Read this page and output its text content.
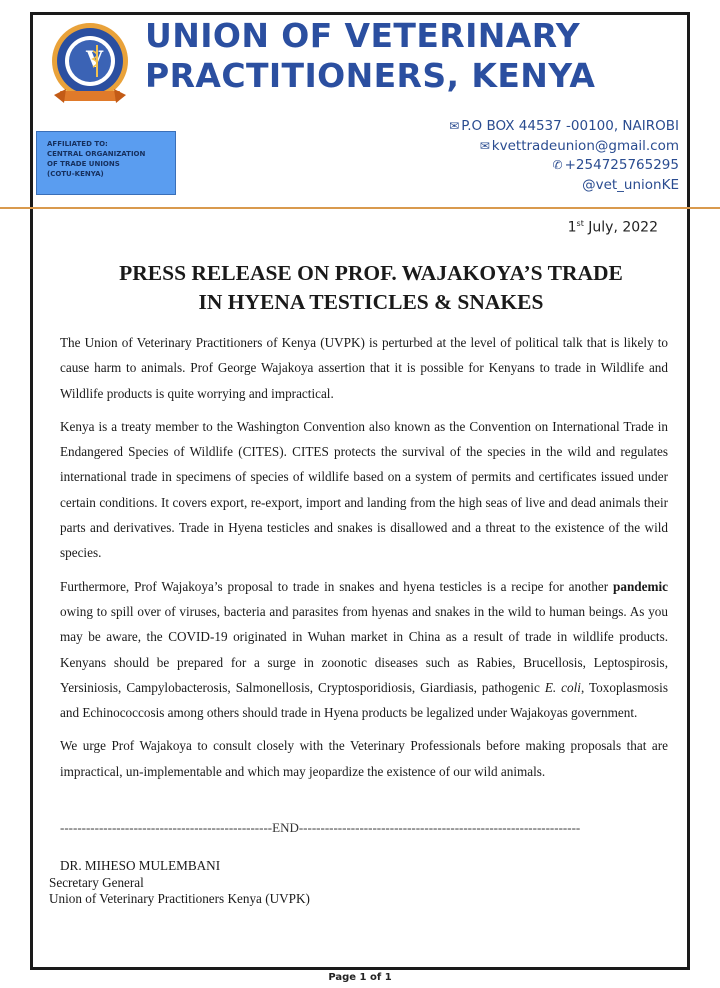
V
UNION OF VETERINARY
PRACTITIONERS, KENYA
AFFILIATED TO:
CENTRAL ORGANIZATION
OF TRADE UNIONS
(COTU-KENYA)
✉ P.O BOX 44537 -00100, NAIROBI
✉ kvettradeunion@gmail.com
✆ +254725765295
@vet_unionKE
1st July, 2022
PRESS RELEASE ON PROF. WAJAKOYA’S TRADE
IN HYENA TESTICLES & SNAKES

The Union of Veterinary Practitioners of Kenya (UVPK) is perturbed at the level of political talk that is likely to cause harm to animals. Prof George Wajakoya assertion that it is possible for Kenyans to trade in Wildlife and Wildlife products is quite worrying and impractical.

Kenya is a treaty member to the Washington Convention also known as the Convention on International Trade in Endangered Species of Wildlife (CITES). CITES protects the survival of the species in the wild and regulates international trade in specimens of species of wildlife based on a system of permits and certificates issued under certain conditions. It covers export, re-export, import and landing from the high seas of live and dead animals their parts and derivatives. Trade in Hyena testicles and snakes is disallowed and a threat to the existence of the wild species.

Furthermore, Prof Wajakoya’s proposal to trade in snakes and hyena testicles is a recipe for another pandemic owing to spill over of viruses, bacteria and parasites from hyenas and snakes in the wild to human beings. As you may be aware, the COVID-19 originated in Wuhan market in China as a result of trade in wildlife products. Kenyans should be prepared for a surge in zoonotic diseases such as Rabies, Brucellosis, Leptospirosis, Yersiniosis, Campylobacterosis, Salmonellosis, Cryptosporidiosis, Giardiasis, pathogenic E. coli, Toxoplasmosis and Echinococcosis among others should trade in Hyena products be legalized under Wajakoyas government.

We urge Prof Wajakoya to consult closely with the Veterinary Professionals before making proposals that are impractical, un-implementable and which may jeopardize the existence of our wild animals.

-------------------------------------------------END-----------------------------------------------------------------
DR. MIHESO MULEMBANI
Secretary General
Union of Veterinary Practitioners Kenya (UVPK)
Page 1 of 1
